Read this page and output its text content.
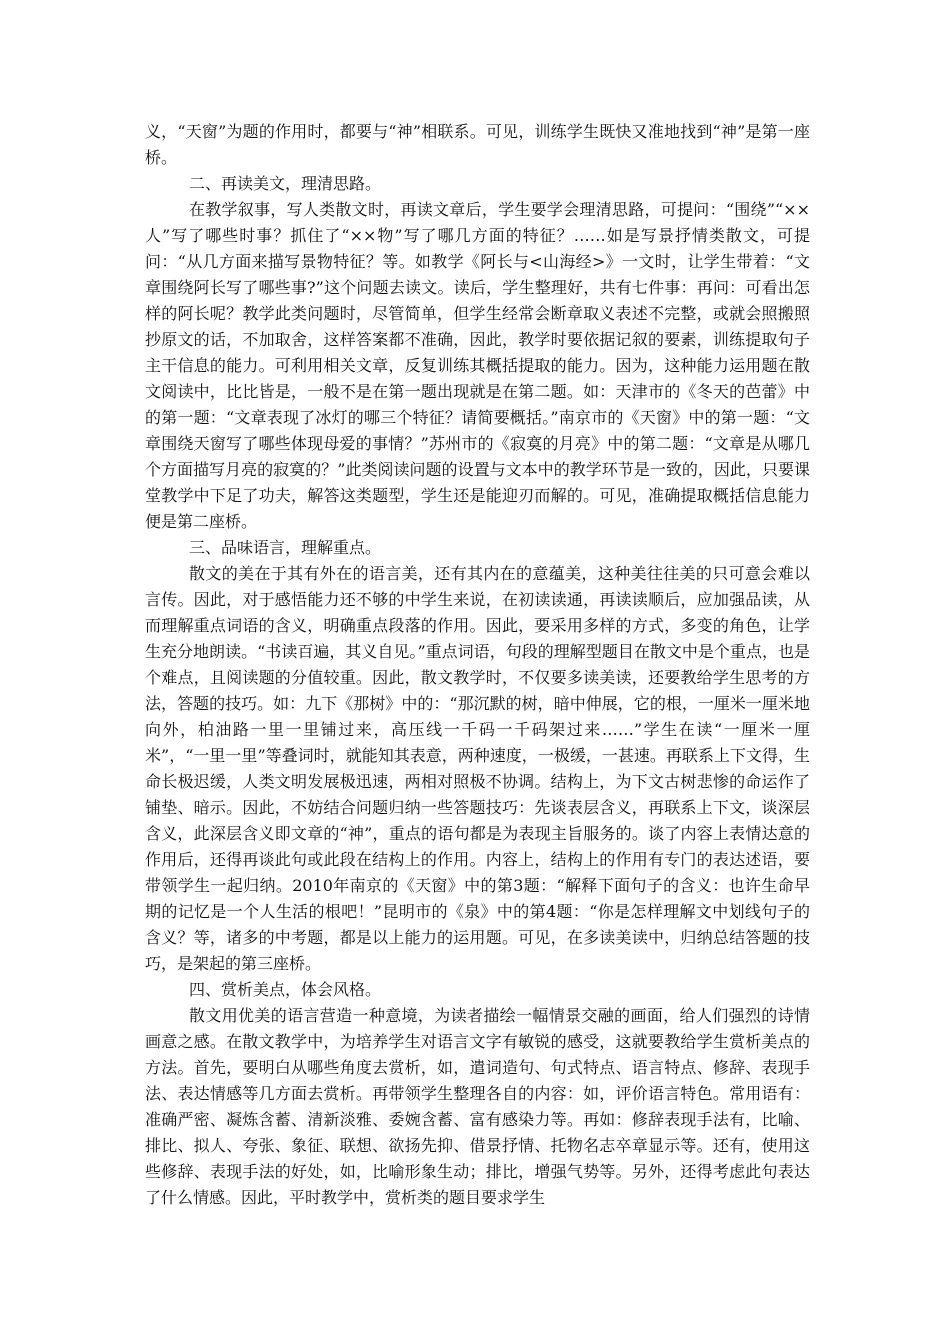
义，“天窗”为题的作用时，都要与“神”相联系。可见，训练学生既快又准地找到“神”是第一座桥。

二、再读美文，理清思路。

在教学叙事，写人类散文时，再读文章后，学生要学会理清思路，可提问：“围绕”“××人”写了哪些时事？抓住了“××物”写了哪几方面的特征？……如是写景抒情类散文，可提问：“从几方面来描写景物特征？等。如教学《阿长与<山海经>》一文时，让学生带着：“文章围绕阿长写了哪些事?”这个问题去读文。读后，学生整理好，共有七件事：再问：可看出怎样的阿长呢？教学此类问题时，尽管简单，但学生经常会断章取义表述不完整，或就会照搬照抄原文的话，不加取舍，这样答案都不准确，因此，教学时要依据记叙的要素，训练提取句子主干信息的能力。可利用相关文章，反复训练其概括提取的能力。因为，这种能力运用题在散文阅读中，比比皆是，一般不是在第一题出现就是在第二题。如：天津市的《冬天的芭蕾》中的第一题：“文章表现了冰灯的哪三个特征？请简要概括。”南京市的《天窗》中的第一题：“文章围绕天窗写了哪些体现母爱的事情？”苏州市的《寂寞的月亮》中的第二题：“文章是从哪几个方面描写月亮的寂寞的？”此类阅读问题的设置与文本中的教学环节是一致的，因此，只要课堂教学中下足了功夫，解答这类题型，学生还是能迎刃而解的。可见，准确提取概括信息能力便是第二座桥。

三、品味语言，理解重点。

散文的美在于其有外在的语言美，还有其内在的意蕴美，这种美往往美的只可意会难以言传。因此，对于感悟能力还不够的中学生来说，在初读读通，再读读顺后，应加强品读，从而理解重点词语的含义，明确重点段落的作用。因此，要采用多样的方式，多变的角色，让学生充分地朗读。“书读百遍，其义自见。”重点词语，句段的理解型题目在散文中是个重点，也是个难点，且阅读题的分值较重。因此，散文教学时，不仅要多读美读，还要教给学生思考的方法，答题的技巧。如：九下《那树》中的：“那沉默的树，暗中伸展，它的根，一厘米一厘米地向外，柏油路一里一里铺过来，高压线一千码一千码架过来……”学生在读“一厘米一厘米”，“一里一里”等叠词时，就能知其表意，两种速度，一极缓，一甚速。再联系上下文得，生命长极迟缓，人类文明发展极迅速，两相对照极不协调。结构上，为下文古树悲惨的命运作了铺垫、暗示。因此，不妨结合问题归纳一些答题技巧：先谈表层含义，再联系上下文，谈深层含义，此深层含义即文章的“神”，重点的语句都是为表现主旨服务的。谈了内容上表情达意的作用后，还得再谈此句或此段在结构上的作用。内容上，结构上的作用有专门的表达述语，要带领学生一起归纳。2010年南京的《天窗》中的第3题：“解释下面句子的含义：也许生命早期的记忆是一个人生活的根吧！”昆明市的《泉》中的第4题：“你是怎样理解文中划线句子的含义？等，诸多的中考题，都是以上能力的运用题。可见，在多读美读中，归纳总结答题的技巧，是架起的第三座桥。

四、赏析美点，体会风格。

散文用优美的语言营造一种意境，为读者描绘一幅情景交融的画面，给人们强烈的诗情画意之感。在散文教学中，为培养学生对语言文字有敏锐的感受，这就要教给学生赏析美点的方法。首先，要明白从哪些角度去赏析，如，遣词造句、句式特点、语言特点、修辞、表现手法、表达情感等几方面去赏析。再带领学生整理各自的内容：如，评价语言特色。常用语有：准确严密、凝炼含蓄、清新淡雅、委婉含蓄、富有感染力等。再如：修辞表现手法有，比喻、排比、拟人、夸张、象征、联想、欲扬先抑、借景抒情、托物名志卒章显示等。还有，使用这些修辞、表现手法的好处，如，比喻形象生动；排比，增强气势等。另外，还得考虑此句表达了什么情感。因此，平时教学中，赏析类的题目要求学生
